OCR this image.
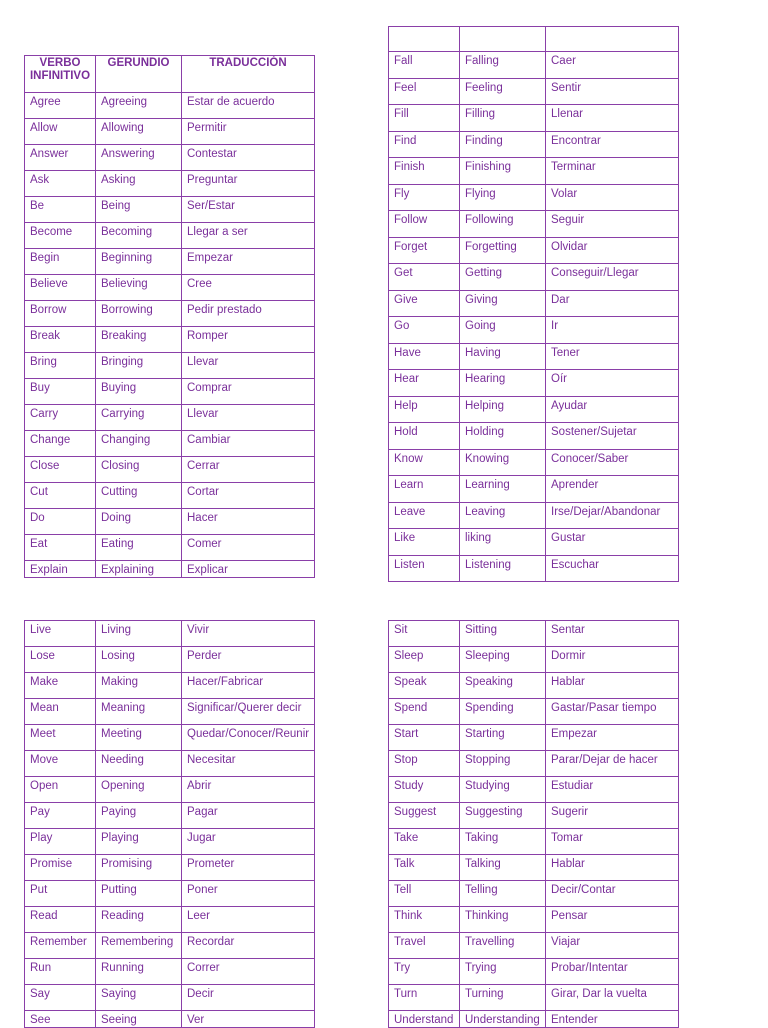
VERBO INFINITIVO	GERUNDIO	TRADUCCIÓN
Agree	Agreeing	Estar de acuerdo
Allow	Allowing	Permitir
Answer	Answering	Contestar
Ask	Asking	Preguntar
Be	Being	Ser/Estar
Become	Becoming	Llegar a ser
Begin	Beginning	Empezar
Believe	Believing	Cree
Borrow	Borrowing	Pedir prestado
Break	Breaking	Romper
Bring	Bringing	Llevar
Buy	Buying	Comprar
Carry	Carrying	Llevar
Change	Changing	Cambiar
Close	Closing	Cerrar
Cut	Cutting	Cortar
Do	Doing	Hacer
Eat	Eating	Comer
Explain	Explaining	Explicar

Fall	Falling	Caer
Feel	Feeling	Sentir
Fill	Filling	Llenar
Find	Finding	Encontrar
Finish	Finishing	Terminar
Fly	Flying	Volar
Follow	Following	Seguir
Forget	Forgetting	Olvidar
Get	Getting	Conseguir/Llegar
Give	Giving	Dar
Go	Going	Ir
Have	Having	Tener
Hear	Hearing	Oír
Help	Helping	Ayudar
Hold	Holding	Sostener/Sujetar
Know	Knowing	Conocer/Saber
Learn	Learning	Aprender
Leave	Leaving	Irse/Dejar/Abandonar
Like	liking	Gustar
Listen	Listening	Escuchar
Live	Living	Vivir
Lose	Losing	Perder
Make	Making	Hacer/Fabricar
Mean	Meaning	Significar/Querer decir
Meet	Meeting	Quedar/Conocer/Reunir
Move	Needing	Necesitar
Open	Opening	Abrir
Pay	Paying	Pagar
Play	Playing	Jugar
Promise	Promising	Prometer
Put	Putting	Poner
Read	Reading	Leer
Remember	Remembering	Recordar
Run	Running	Correr
Say	Saying	Decir
See	Seeing	Ver
Sit	Sitting	Sentar
Sleep	Sleeping	Dormir
Speak	Speaking	Hablar
Spend	Spending	Gastar/Pasar tiempo
Start	Starting	Empezar
Stop	Stopping	Parar/Dejar de hacer
Study	Studying	Estudiar
Suggest	Suggesting	Sugerir
Take	Taking	Tomar
Talk	Talking	Hablar
Tell	Telling	Decir/Contar
Think	Thinking	Pensar
Travel	Travelling	Viajar
Try	Trying	Probar/Intentar
Turn	Turning	Girar, Dar la vuelta
Understand	Understanding	Entender
